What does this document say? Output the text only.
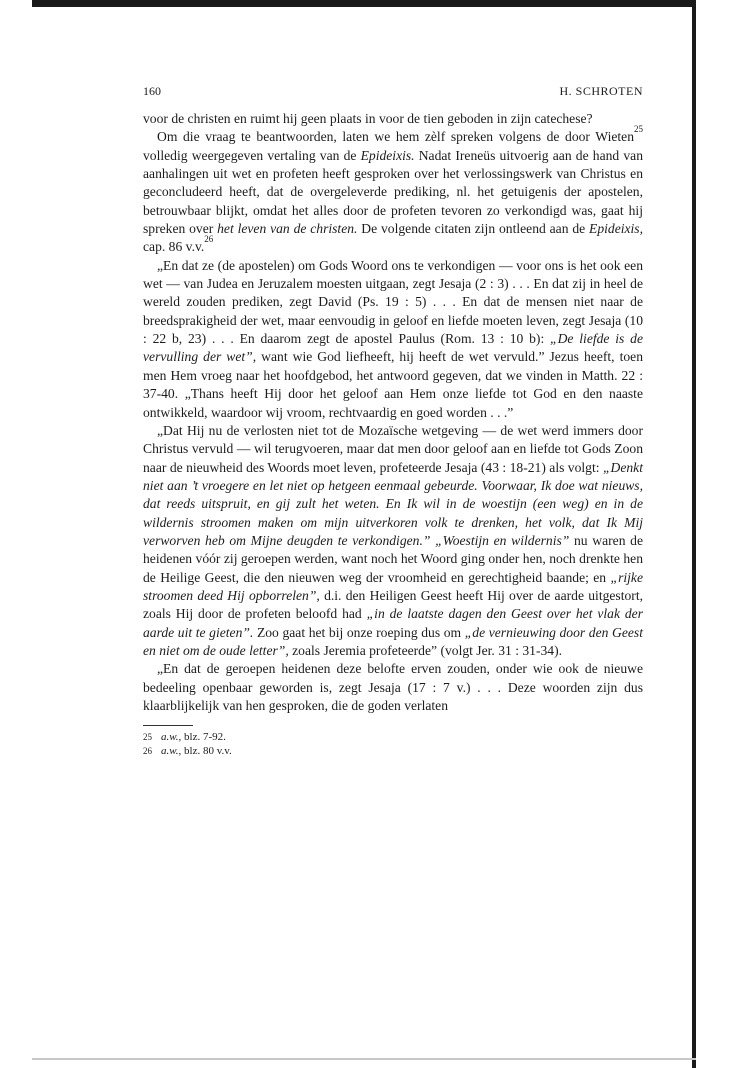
160	H. SCHROTEN

voor de christen en ruimt hij geen plaats in voor de tien geboden in zijn catechese?

Om die vraag te beantwoorden, laten we hem zèlf spreken volgens de door Wieten$^{25}$ volledig weergegeven vertaling van de Epideixis. Nadat Ireneüs uitvoerig aan de hand van aanhalingen uit wet en profeten heeft gesproken over het verlossingswerk van Christus en geconcludeerd heeft, dat de overgeleverde prediking, nl. het getuigenis der apostelen, betrouwbaar blijkt, omdat het alles door de profeten tevoren zo verkondigd was, gaat hij spreken over het leven van de christen. De volgende citaten zijn ontleend aan de Epideixis, cap. 86 v.v.$^{26}$

„En dat ze (de apostelen) om Gods Woord ons te verkondigen — voor ons is het ook een wet — van Judea en Jeruzalem moesten uitgaan, zegt Jesaja (2 : 3) . . . En dat zij in heel de wereld zouden prediken, zegt David (Ps. 19 : 5) . . . En dat de mensen niet naar de breedsprakigheid der wet, maar eenvoudig in geloof en liefde moeten leven, zegt Jesaja (10 : 22 b, 23) . . . En daarom zegt de apostel Paulus (Rom. 13 : 10 b): „De liefde is de vervulling der wet”, want wie God liefheeft, hij heeft de wet vervuld.” Jezus heeft, toen men Hem vroeg naar het hoofdgebod, het antwoord gegeven, dat we vinden in Matth. 22 : 37-40. „Thans heeft Hij door het geloof aan Hem onze liefde tot God en den naaste ontwikkeld, waardoor wij vroom, rechtvaardig en goed worden . . .”

„Dat Hij nu de verlosten niet tot de Mozaïsche wetgeving — de wet werd immers door Christus vervuld — wil terugvoeren, maar dat men door geloof aan en liefde tot Gods Zoon naar de nieuwheid des Woords moet leven, profeteerde Jesaja (43 : 18-21) als volgt: „Denkt niet aan ’t vroegere en let niet op hetgeen eenmaal gebeurde. Voorwaar, Ik doe wat nieuws, dat reeds uitspruit, en gij zult het weten. En Ik wil in de woestijn (een weg) en in de wildernis stroomen maken om mijn uitverkoren volk te drenken, het volk, dat Ik Mij verworven heb om Mijne deugden te verkondigen.” „Woestijn en wildernis” nu waren de heidenen vóór zij geroepen werden, want noch het Woord ging onder hen, noch drenkte hen de Heilige Geest, die den nieuwen weg der vroomheid en gerechtigheid baande; en „rijke stroomen deed Hij opborrelen”, d.i. den Heiligen Geest heeft Hij over de aarde uitgestort, zoals Hij door de profeten beloofd had „in de laatste dagen den Geest over het vlak der aarde uit te gieten”. Zoo gaat het bij onze roeping dus om „de vernieuwing door den Geest en niet om de oude letter”, zoals Jeremia profeteerde” (volgt Jer. 31 : 31-34).

„En dat de geroepen heidenen deze belofte erven zouden, onder wie ook de nieuwe bedeeling openbaar geworden is, zegt Jesaja (17 : 7 v.) . . . Deze woorden zijn dus klaarblijkelijk van hen gesproken, die de goden verlaten

25 a.w., blz. 7-92.
26 a.w., blz. 80 v.v.
